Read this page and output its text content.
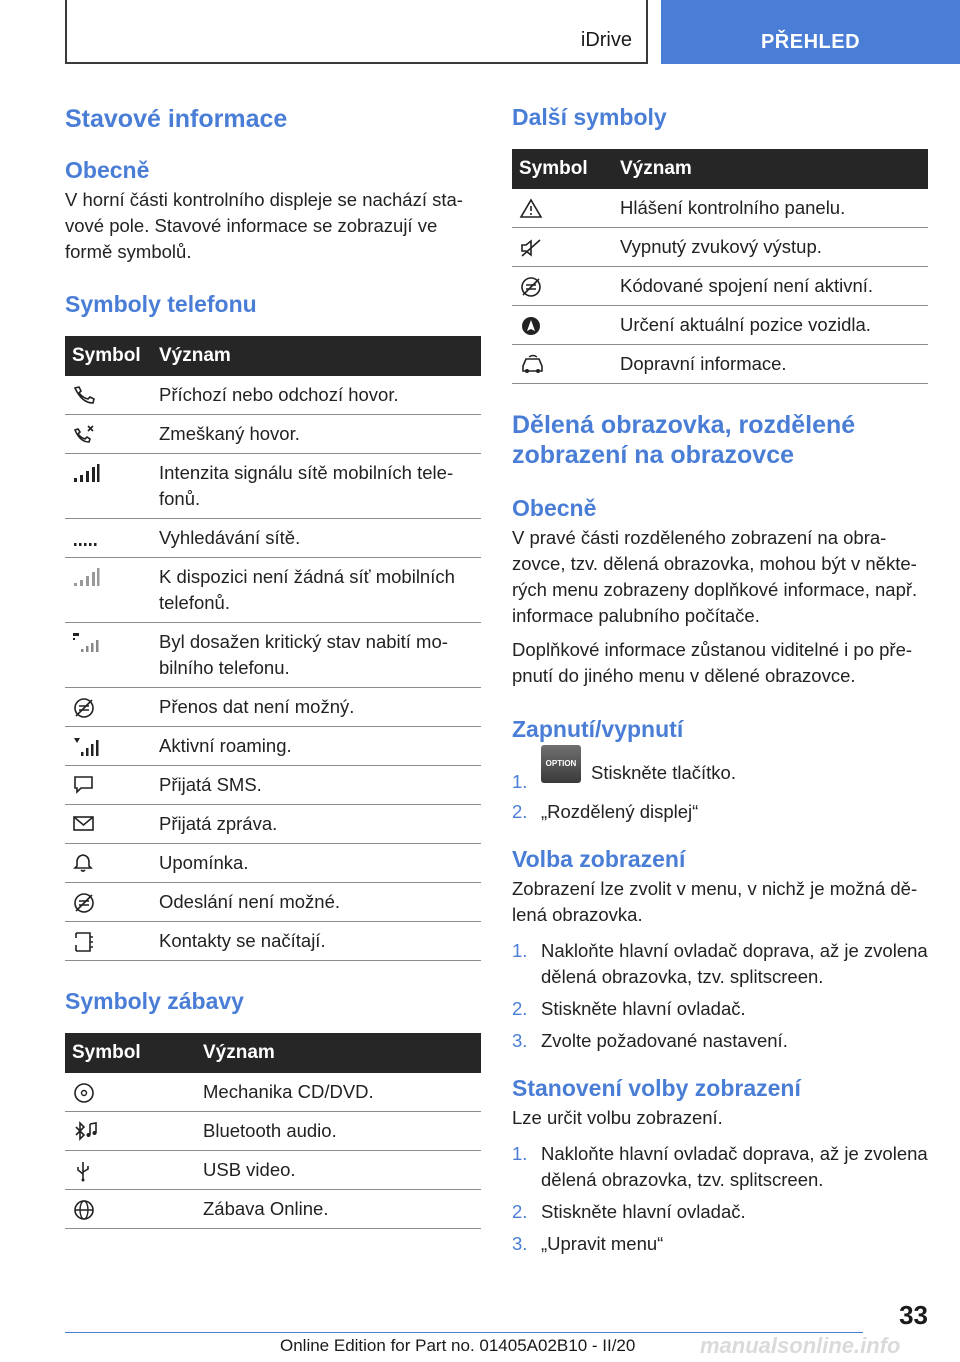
iDrive	PŘEHLED
Stavové informace
Obecně

V horní části kontrolního displeje se nachází sta‐vové pole. Stavové informace se zobrazují ve formě symbolů.

Symboly telefonu
Symbol	Význam

	Příchozí nebo odchozí hovor.

	Zmeškaný hovor.

	Intenzita signálu sítě mobilních tele‐fonů.

	Vyhledávání sítě.

	K dispozici není žádná síť mobilních telefonů.

	Byl dosažen kritický stav nabití mo‐bilního telefonu.

	Přenos dat není možný.

	Aktivní roaming.

	Přijatá SMS.

	Přijatá zpráva.

	Upomínka.

	Odeslání není možné.

	Kontakty se načítají.
Symboly zábavy
Symbol	Význam

	Mechanika CD/DVD.

	Bluetooth audio.

	USB video.

	Zábava Online.
Další symboly
Symbol	Význam

	Hlášení kontrolního panelu.

	Vypnutý zvukový výstup.

	Kódované spojení není aktivní.

	Určení aktuální pozice vozidla.

	Dopravní informace.
Dělená obrazovka, rozdělené zobrazení na obrazovce
Obecně

V pravé části rozděleného zobrazení na obra‐zovce, tzv. dělená obrazovka, mohou být v někte‐rých menu zobrazeny doplňkové informace, např. informace palubního počítače.

Doplňkové informace zůstanou viditelné i po pře‐pnutí do jiného menu v dělené obrazovce.

Zapnutí/vypnutí
1.
OPTION Stiskněte tlačítko.
2. „Rozdělený displej“
Volba zobrazení

Zobrazení lze zvolit v menu, v nichž je možná dě‐lená obrazovka.

1. Nakloňte hlavní ovladač doprava, až je zvolena dělená obrazovka, tzv. splitscreen.
2. Stiskněte hlavní ovladač.
3. Zvolte požadované nastavení.
Stanovení volby zobrazení

Lze určit volbu zobrazení.

1. Nakloňte hlavní ovladač doprava, až je zvolena dělená obrazovka, tzv. splitscreen.
2. Stiskněte hlavní ovladač.
3. „Upravit menu“
33
Online Edition for Part no. 01405A02B10 - II/20	manualsonline.info
